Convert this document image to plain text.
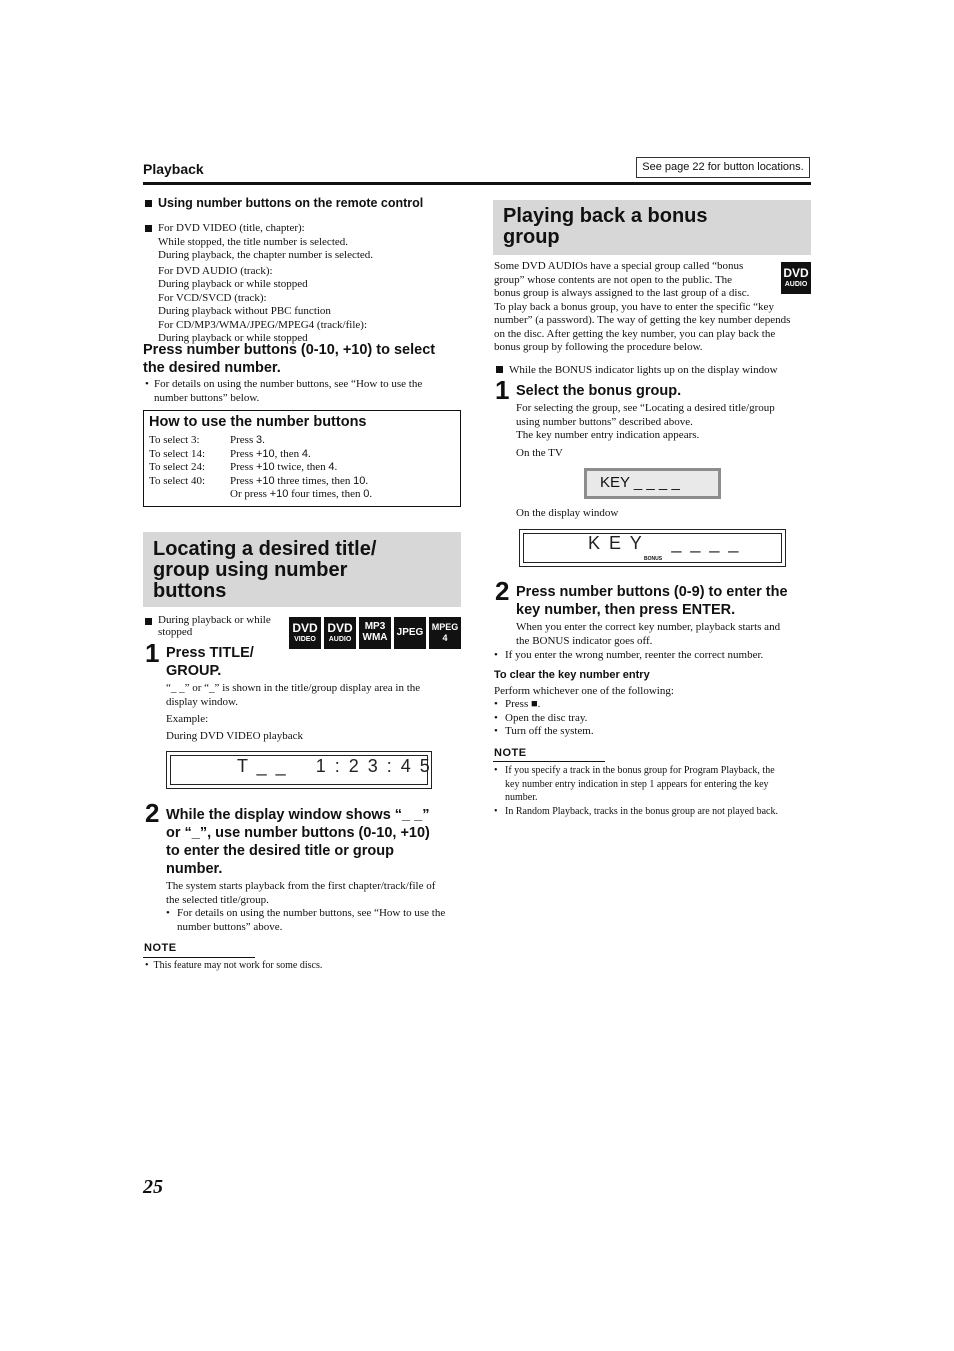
Playback	See page 22 for button locations.
Using number buttons on the remote control
For DVD VIDEO (title, chapter):
While stopped, the title number is selected.
During playback, the chapter number is selected.
For DVD AUDIO (track):
During playback or while stopped
For VCD/SVCD (track):
During playback without PBC function
For CD/MP3/WMA/JPEG/MPEG4 (track/file):
During playback or while stopped
Press number buttons (0-10, +10) to select
the desired number.
• For details on using the number buttons, see “How to use the
number buttons” below.
How to use the number buttons
To select 3:	Press 3.
To select 14:	Press +10, then 4.
To select 24:	Press +10 twice, then 4.
To select 40:	Press +10 three times, then 10.
	Or press +10 four times, then 0.
Locating a desired title/
group using number
buttons
During playback or while
stopped	DVD
VIDEO
DVD
AUDIO
MP3
WMA JPEG MPEG
4
1 Press TITLE/
GROUP.
“_ _” or “_” is shown in the title/group display area in the
display window.
Example:
During DVD VIDEO playback
T _ _    1 : 2 3 : 4 5
2 While the display window shows “_ _”
or “_”, use number buttons (0-10, +10)
to enter the desired title or group
number.
The system starts playback from the first chapter/track/file of
the selected title/group.
• For details on using the number buttons, see “How to use the
number buttons” above.
NOTE
•  This feature may not work for some discs.
25
Playing back a bonus
group
DVD
AUDIO
Some DVD AUDIOs have a special group called “bonus
group” whose contents are not open to the public. The
bonus group is always assigned to the last group of a disc.
To play back a bonus group, you have to enter the specific “key
number” (a password). The way of getting the key number depends
on the disc. After getting the key number, you can play back the
bonus group by following the procedure below.
While the BONUS indicator lights up on the display window
1 Select the bonus group.
For selecting the group, see “Locating a desired title/group
using number buttons” described above.
The key number entry indication appears.
On the TV
KEY _ _ _ _
On the display window
K E Y    _ _ _ _
BONUS
2 Press number buttons (0-9) to enter the
key number, then press ENTER.
When you enter the correct key number, playback starts and
the BONUS indicator goes off.
• If you enter the wrong number, reenter the correct number.
To clear the key number entry
Perform whichever one of the following:
• Press ■.
• Open the disc tray.
• Turn off the system.
NOTE
• If you specify a track in the bonus group for Program Playback, the
key number entry indication in step 1 appears for entering the key
number.
• In Random Playback, tracks in the bonus group are not played back.
